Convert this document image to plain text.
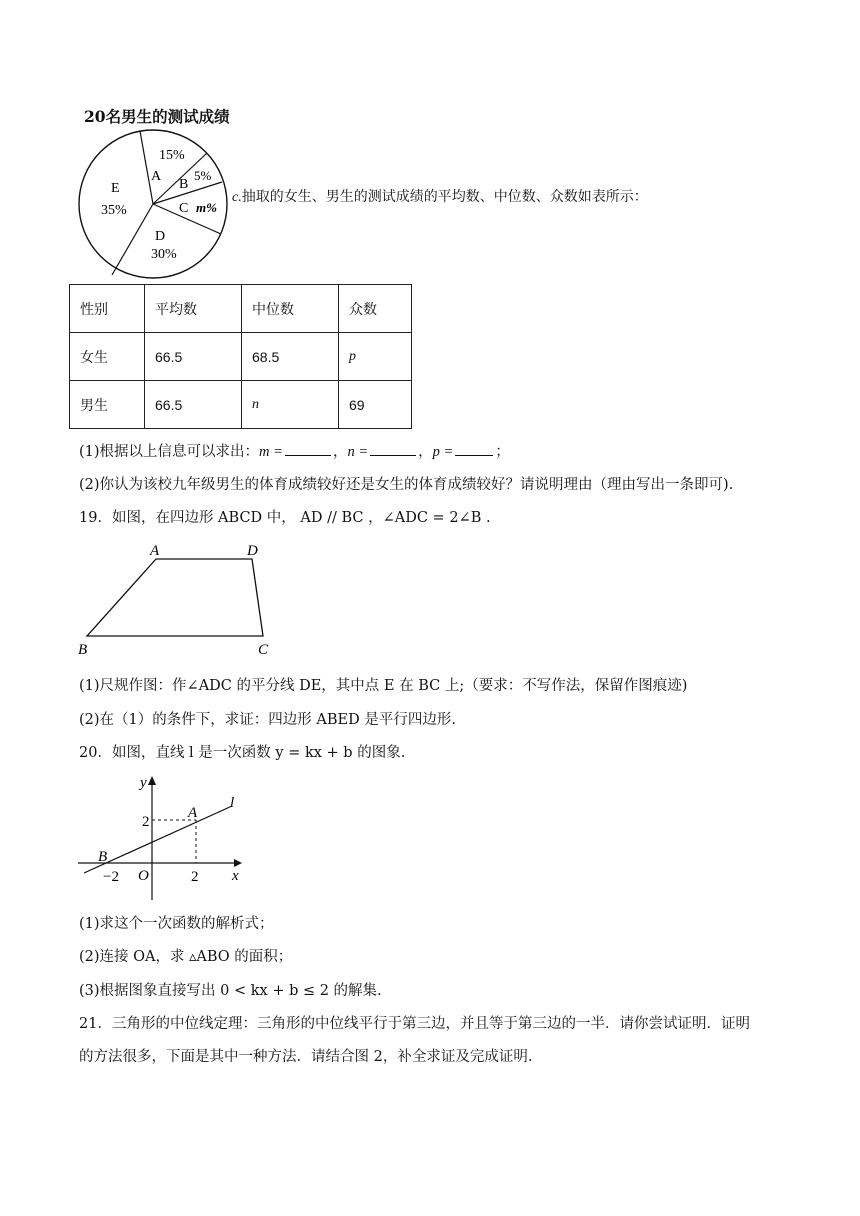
20名男生的测试成绩
15%
A
B
5%
C m%
D
30%
E
35%
c.抽取的女生、男生的测试成绩的平均数、中位数、众数如表所示：
性别	平均数	中位数	众数
女生	66.5	68.5	p
男生	66.5	n	69
(1)根据以上信息可以求出：m =	，n =	，p =	；
(2)你认为该校九年级男生的体育成绩较好还是女生的体育成绩较好？请说明理由（理由写出一条即可).
19．如图，在四边形 ABCD 中， AD // BC ，∠ADC = 2∠B .
A	D
B	C
(1)尺规作图：作∠ADC 的平分线 DE，其中点 E 在 BC 上;（要求：不写作法，保留作图痕迹)
(2)在（1）的条件下，求证：四边形 ABED 是平行四边形.
20．如图，直线 l 是一次函数 y = kx + b 的图象.
y
x
l
A
B
O
2
2
−2
(1)求这个一次函数的解析式；
(2)连接 OA，求 ▵ABO 的面积；
(3)根据图象直接写出 0 < kx + b ≤ 2 的解集.
21．三角形的中位线定理：三角形的中位线平行于第三边，并且等于第三边的一半．请你尝试证明．证明
的方法很多，下面是其中一种方法．请结合图 2，补全求证及完成证明.
